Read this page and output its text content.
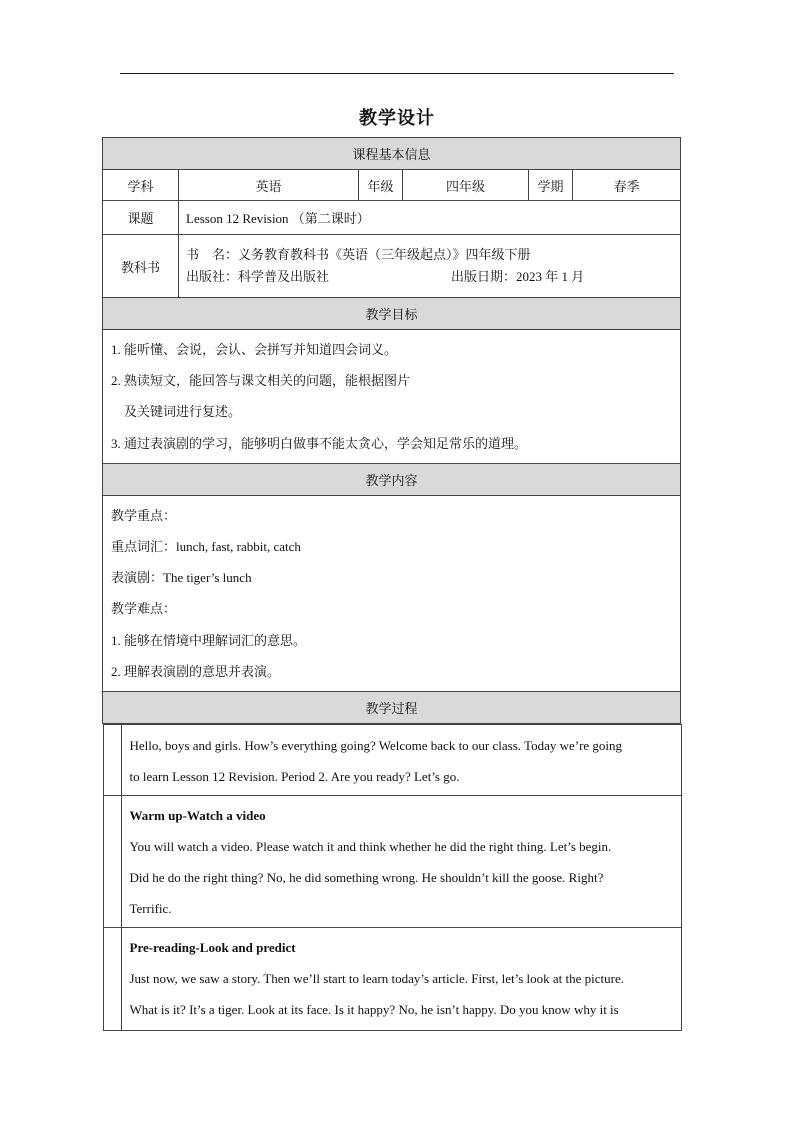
教学设计
课程基本信息
学科	英语	年级	四年级	学期	春季
课题	Lesson 12 Revision （第二课时）
教科书	
书　名：义务教育教科书《英语（三年级起点）》四年级下册
出版社：科学普及出版社	出版日期：2023 年 1 月

教学目标

1. 能听懂、会说，会认、会拼写并知道四会词义。

2. 熟读短文，能回答与课文相关的问题，能根据图片

及关键词进行复述。

3. 通过表演剧的学习，能够明白做事不能太贪心，学会知足常乐的道理。

教学内容

教学重点：

重点词汇：lunch, fast, rabbit, catch

表演剧：The tiger’s lunch

教学难点：

1. 能够在情境中理解词汇的意思。

2. 理解表演剧的意思并表演。

教学过程

Hello, boys and girls. How’s everything going? Welcome back to our class. Today we’re going

to learn Lesson 12 Revision. Period 2. Are you ready? Let’s go.

Warm up-Watch a video

You will watch a video. Please watch it and think whether he did the right thing. Let’s begin.

Did he do the right thing? No, he did something wrong. He shouldn’t kill the goose. Right?

Terrific.

Pre-reading-Look and predict

Just now, we saw a story. Then we’ll start to learn today’s article. First, let’s look at the picture.

What is it? It’s a tiger. Look at its face. Is it happy? No, he isn’t happy. Do you know why it is
